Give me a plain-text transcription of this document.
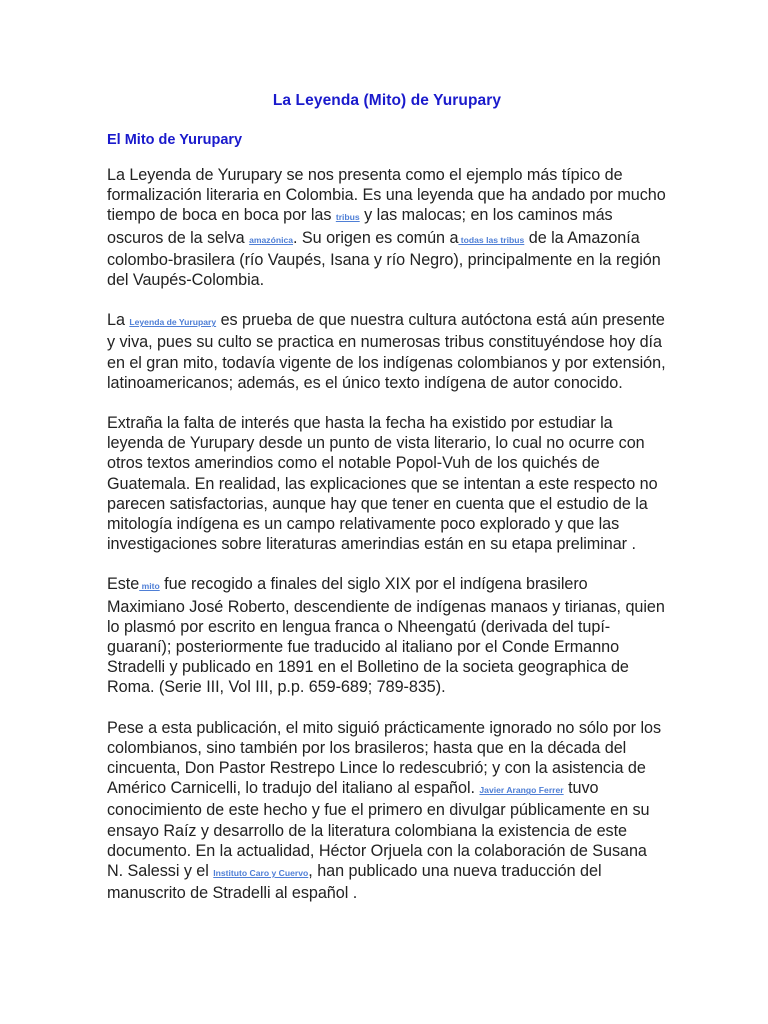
La Leyenda (Mito) de Yurupary
El Mito de Yurupary

La Leyenda de Yurupary se nos presenta como el ejemplo más típico de formalización literaria en Colombia. Es una leyenda que ha andado por mucho tiempo de boca en boca por las tribus y las malocas; en los caminos más oscuros de la selva amazónica. Su origen es común a todas las tribus de la Amazonía colombo-brasilera (río Vaupés, Isana y río Negro), principalmente en la región del Vaupés-Colombia.

La Leyenda de Yurupary es prueba de que nuestra cultura autóctona está aún presente y viva, pues su culto se practica en numerosas tribus constituyéndose hoy día en el gran mito, todavía vigente de los indígenas colombianos y por extensión, latinoamericanos; además, es el único texto indígena de autor conocido.

Extraña la falta de interés que hasta la fecha ha existido por estudiar la leyenda de Yurupary desde un punto de vista literario, lo cual no ocurre con otros textos amerindios como el notable Popol-Vuh de los quichés de Guatemala. En realidad, las explicaciones que se intentan a este respecto no parecen satisfactorias, aunque hay que tener en cuenta que el estudio de la mitología indígena es un campo relativamente poco explorado y que las investigaciones sobre literaturas amerindias están en su etapa preliminar .

Este mito fue recogido a finales del siglo XIX por el indígena brasilero Maximiano José Roberto, descendiente de indígenas manaos y tirianas, quien lo plasmó por escrito en lengua franca o Nheengatú (derivada del tupí-guaraní); posteriormente fue traducido al italiano por el Conde Ermanno Stradelli y publicado en 1891 en el Bolletino de la societa geographica de Roma. (Serie III, Vol III, p.p. 659-689; 789-835).

Pese a esta publicación, el mito siguió prácticamente ignorado no sólo por los colombianos, sino también por los brasileros; hasta que en la década del cincuenta, Don Pastor Restrepo Lince lo redescubrió; y con la asistencia de Américo Carnicelli, lo tradujo del italiano al español. Javier Arango Ferrer tuvo conocimiento de este hecho y fue el primero en divulgar públicamente en su ensayo Raíz y desarrollo de la literatura colombiana la existencia de este documento. En la actualidad, Héctor Orjuela con la colaboración de Susana N. Salessi y el Instituto Caro y Cuervo, han publicado una nueva traducción del manuscrito de Stradelli al español .
